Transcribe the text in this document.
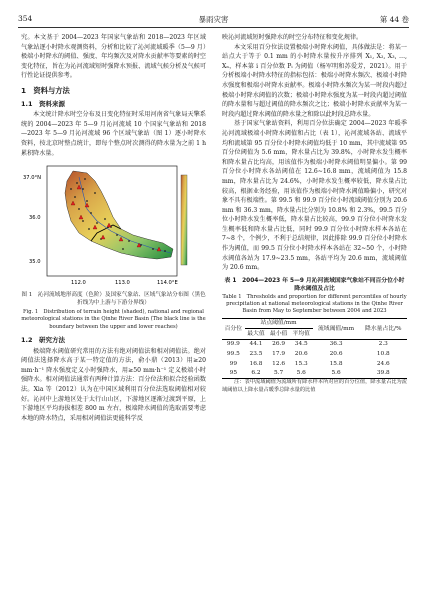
354	暴雨灾害	第 44 卷

究。本文基于 2004—2023 年国家气象站和 2018—2023 年区域气象站逐小时降水观测资料，分析和比较了沁河流域暖季（5—9 月）极端小时降水的阈值、强度、年均频次及对降水贡献率等要素的时空变化特征，旨在为沁河流域短时强降水预报、流域气候分析及气候可行性论证提供参考。

1　资料与方法
1.1　资料来源

本文统计降水时空分布及日变化特征时采用河南省气象局天擎系统的 2004—2023 年 5—9 月沁河流域 10 个国家气象站和 2018—2023 年 5—9 月沁河流域 96 个区域气象站（图 1）逐小时降水资料，按北京时整点统计，即每个整点时次测得的降水量为之前 1 h 累积降水量。

37.0°N
36.0
35.0
112.0	113.0	114.0°E
图 1　沁河流域地形高度（色阶）及国家气象站、区域气象站分布图（黑色折线为中上游与下游分界线）
Fig. 1　Distribution of terrain height (shaded), national and regional meteorological stations in the Qinhe River Basin (The black line is the boundary between the upper and lower reaches)
1.2　研究方法

极端降水阈值研究常用的方法有绝对阈值法和相对阈值法。绝对阈值法选择降水高于某一特定值的方法，俞小鼎（2013）用≥20 mm·h⁻¹ 降水强度定义小时强降水，用≥50 mm·h⁻¹ 定义极端小时强降水。相对阈值法通常有两种计算方法：百分位法和拟合经验函数法。Xia 等（2012）认为在中国区域利用百分位法选取阈值相对较好。沁河中上游地区处于太行山山区，下游地区逐渐过渡到平原，上下游地区平均海拔相差 800 m 左右，极端降水阈值的选取需要考虑本地的降水特点，采用相对阈值法更能科学反

映沁河流域短时强降水的时空分布特征和变化规律。

本文采用百分位法设置极端小时降水阈值，具体做法是：将某一站点大于等于 0.1 mm 的小时降水量按升序排列 X₁, X₂, X₃, …, Xₙ，样本第 i 百分位数 Pᵢ 为阈值（杨军明和苏爱芳，2021）。用于分析极端小时降水特征的指标包括：极端小时降水频次、极端小时降水强度和极端小时降水贡献率。极端小时降水频次为某一时段内超过极端小时降水阈值的次数；极端小时降水强度为某一时段内超过阈值的降水量和与超过阈值的降水频次之比；极端小时降水贡献率为某一时段内超过降水阈值的降水量之和除以此时段总降水量。

基于国家气象站资料，利用百分位法确定 2004—2023 年暖季沁河流域极端小时降水阈值和占比（表 1），沁河流域各站、流域平均和流域第 95 百分位小时降水阈值均低于 10 mm，其中流域第 95 百分位阈值为 5.6 mm，降水量占比为 39.8%，小时降水发生概率和降水量占比均高，用该值作为极端小时降水阈值明显偏小。第 99 百分位小时降水各站阈值在 12.6~16.8 mm，流域阈值为 15.8 mm，降水量占比为 24.6%，小时降水发生概率较低，降水量占比较高，根据业务经验，用该值作为极端小时降水阈值略偏小，研究对象不具有极端性。第 99.5 和 99.9 百分位小时流域阈值分别为 20.6 mm 和 36.3 mm，降水量占比分别为 10.8% 和 2.3%，99.5 百分位小时降水发生概率低，降水量占比较高，99.9 百分位小时降水发生概率低和降水量占比低，同时 99.9 百分位小时降水样本各站在 7~8 个，个例少，不利于总结规律，因此排除 99.9 百分位小时降水作为阈值，而 99.5 百分位小时降水样本各站在 32~50 个，小时降水阈值各站为 17.9~23.5 mm，各站平均为 20.6 mm，流域阈值为 20.6 mm。

表 1　2004—2023 年 5—9 月沁河流域国家气象站不同百分位小时降水阈值及占比
Table 1　Thresholds and proportion for different percentiles of hourly precipitation at national meteorological stations in the Qinhe River Basin from May to September between 2004 and 2023
百分位	站点阈值/mm			流域阈值/mm	降水量占比/%
	最大值	最小值	平均值		
99.9	44.1	26.9	34.5	36.3	2.3
99.5	23.5	17.9	20.6	20.6	10.8
99	16.8	12.6	15.3	15.8	24.6
95	6.2	5.7	5.6	5.6	39.8

注：表中流域阈值为流域所有降水样本所对应的百分位值，降水量占比为流域阈值以上降水量占暖季总降水量的比值
